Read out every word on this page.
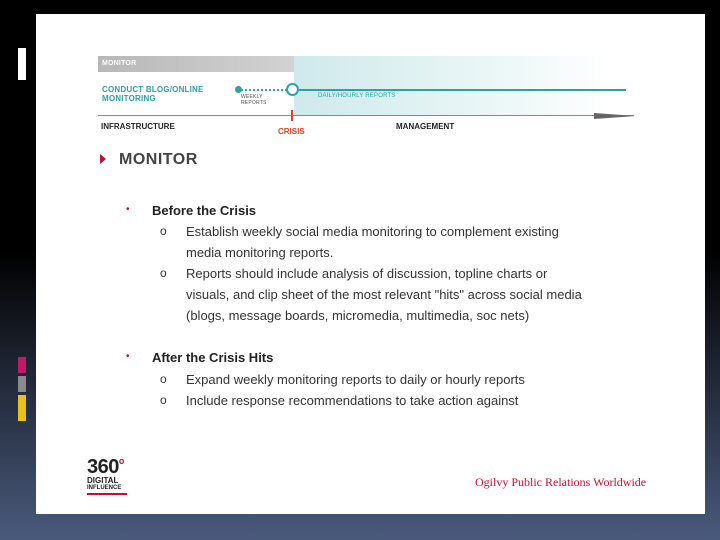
MONITOR
CONDUCT BLOG/ONLINE
MONITORING	WEEKLY
REPORTS
DAILY/HOURLY REPORTS
INFRASTRUCTURE
CRISIS
MANAGEMENT
MONITOR
• Before the Crisis
o Establish weekly social media monitoring to complement existing
media monitoring reports.
o Reports should include analysis of discussion, topline charts or
visuals, and clip sheet of the most relevant "hits" across social media
(blogs, message boards, micromedia, multimedia, soc nets)
• After the Crisis Hits
o Expand weekly monitoring reports to daily or hourly reports
o Include response recommendations to take action against
360$^o$
DIGITAL
INFLUENCE	Ogilvy Public Relations Worldwide
